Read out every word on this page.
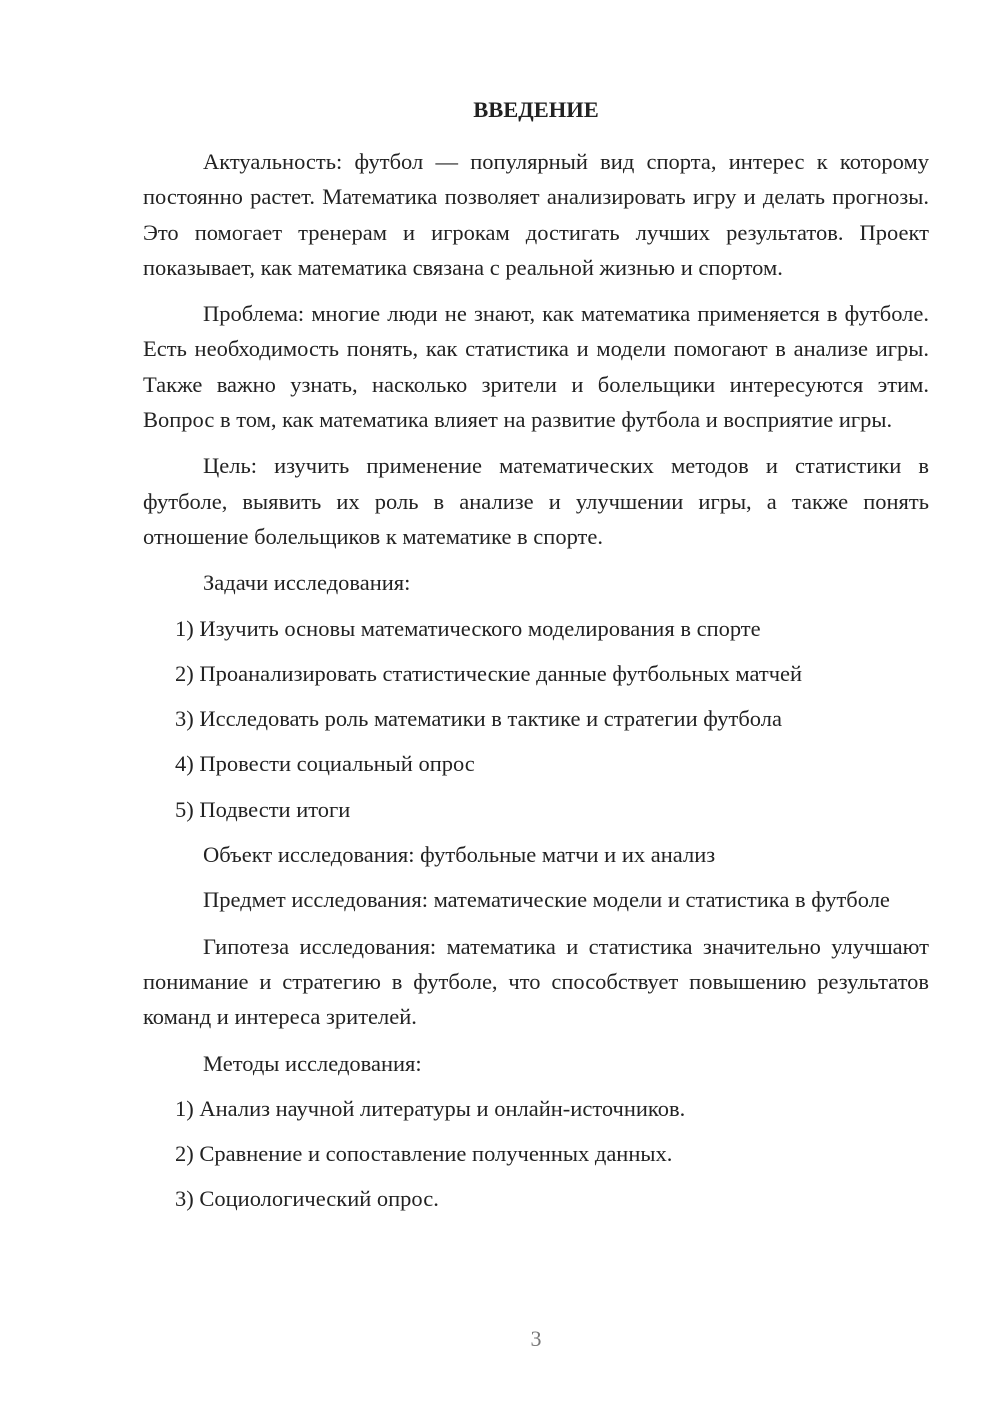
ВВЕДЕНИЕ

Актуальность: футбол — популярный вид спорта, интерес к которому постоянно растет. Математика позволяет анализировать игру и делать прогнозы. Это помогает тренерам и игрокам достигать лучших результатов. Проект показывает, как математика связана с реальной жизнью и спортом.

Проблема: многие люди не знают, как математика применяется в футболе. Есть необходимость понять, как статистика и модели помогают в анализе игры. Также важно узнать, насколько зрители и болельщики интересуются этим. Вопрос в том, как математика влияет на развитие футбола и восприятие игры.

Цель: изучить применение математических методов и статистики в футболе, выявить их роль в анализе и улучшении игры, а также понять отношение болельщиков к математике в спорте.

Задачи исследования:
1) Изучить основы математического моделирования в спорте
2) Проанализировать статистические данные футбольных матчей
3) Исследовать роль математики в тактике и стратегии футбола
4) Провести социальный опрос
5) Подвести итоги
Объект исследования: футбольные матчи и их анализ

Предмет исследования: математические модели и статистика в футболе

Гипотеза исследования: математика и статистика значительно улучшают понимание и стратегию в футболе, что способствует повышению результатов команд и интереса зрителей.

Методы исследования:
1) Анализ научной литературы и онлайн-источников.
2) Сравнение и сопоставление полученных данных.
3) Социологический опрос.
3
